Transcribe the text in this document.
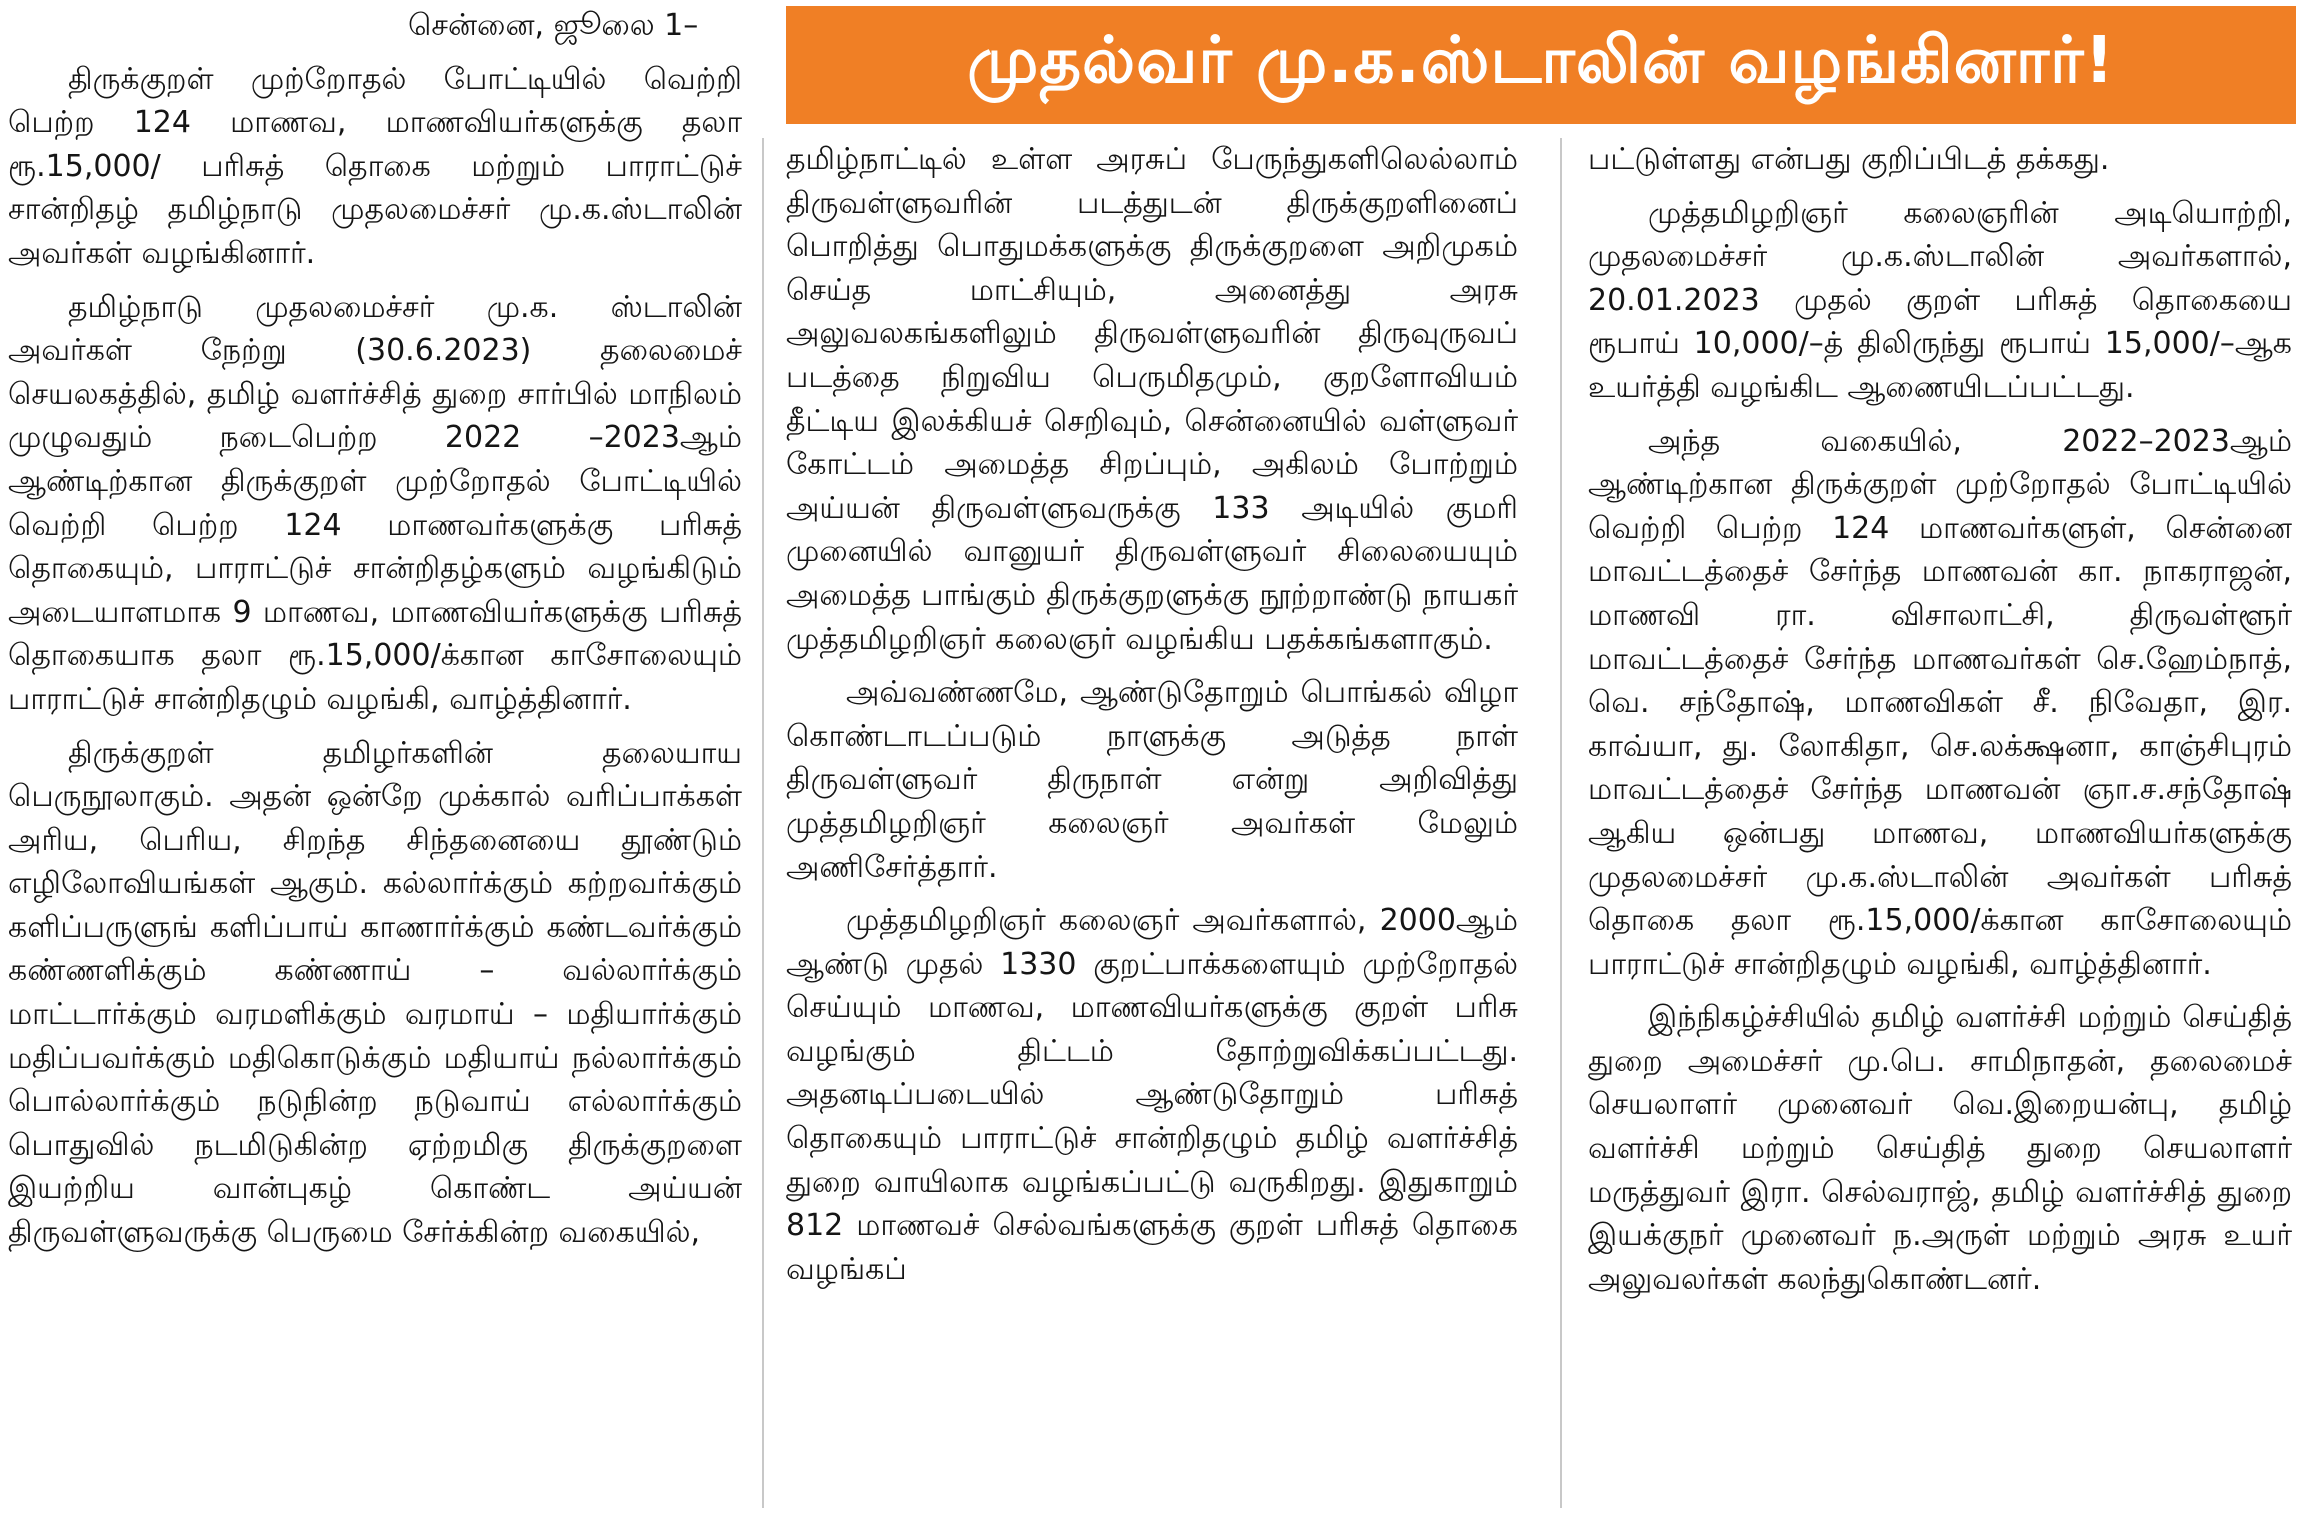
முதல்வர் மு.க.ஸ்டாலின் வழங்கினார்!

சென்னை, ஜூலை 1–

திருக்குறள் முற்றோதல் போட்டியில் வெற்றி பெற்ற 124 மாணவ, மாணவியர்களுக்கு தலா ரூ.15,000/ பரிசுத் தொகை மற்றும் பாராட்டுச் சான்றிதழ் தமிழ்நாடு முதலமைச்சர் மு.க.ஸ்டாலின் அவர்கள் வழங்கினார்.

தமிழ்நாடு முதலமைச்சர் மு.க. ஸ்டாலின் அவர்கள் நேற்று (30.6.2023) தலைமைச் செயலகத்தில், தமிழ் வளர்ச்சித் துறை சார்பில் மாநிலம் முழுவதும் நடைபெற்ற 2022 –2023ஆம் ஆண்டிற்கான திருக்குறள் முற்றோதல் போட்டியில் வெற்றி பெற்ற 124 மாணவர்களுக்கு பரிசுத் தொகையும், பாராட்டுச் சான்றிதழ்களும் வழங்கிடும் அடையாளமாக 9 மாணவ, மாணவியர்களுக்கு பரிசுத் தொகையாக தலா ரூ.15,000/க்கான காசோலையும் பாராட்டுச் சான்றிதழும் வழங்கி, வாழ்த்தினார்.

திருக்குறள் தமிழர்களின் தலையாய பெருநூலாகும். அதன் ஒன்றே முக்கால் வரிப்பாக்கள் அரிய, பெரிய, சிறந்த சிந்தனையை தூண்டும் எழிலோவியங்கள் ஆகும். கல்லார்க்கும் கற்றவர்க்கும் களிப்பருளுங் களிப்பாய் காணார்க்கும் கண்டவர்க்கும் கண்ணளிக்கும் கண்ணாய் – வல்லார்க்கும் மாட்டார்க்கும் வரமளிக்கும் வரமாய் – மதியார்க்கும் மதிப்பவர்க்கும் மதிகொடுக்கும் மதியாய் நல்லார்க்கும் பொல்லார்க்கும் நடுநின்ற நடுவாய் எல்லார்க்கும் பொதுவில் நடமிடுகின்ற ஏற்றமிகு திருக்குறளை இயற்றிய வான்புகழ் கொண்ட அய்யன் திருவள்ளுவருக்கு பெருமை சேர்க்கின்ற வகையில்,

தமிழ்நாட்டில் உள்ள அரசுப் பேருந்துகளிலெல்லாம் திருவள்ளுவரின் படத்துடன் திருக்குறளினைப் பொறித்து பொதுமக்களுக்கு திருக்குறளை அறிமுகம் செய்த மாட்சியும், அனைத்து அரசு அலுவலகங்களிலும் திருவள்ளுவரின் திருவுருவப் படத்தை நிறுவிய பெருமிதமும், குறளோவியம் தீட்டிய இலக்கியச் செறிவும், சென்னையில் வள்ளுவர் கோட்டம் அமைத்த சிறப்பும், அகிலம் போற்றும் அய்யன் திருவள்ளுவருக்கு 133 அடியில் குமரி முனையில் வானுயர் திருவள்ளுவர் சிலையையும் அமைத்த பாங்கும் திருக்குறளுக்கு நூற்றாண்டு நாயகர் முத்தமிழறிஞர் கலைஞர் வழங்கிய பதக்கங்களாகும்.

அவ்வண்ணமே, ஆண்டுதோறும் பொங்கல் விழா கொண்டாடப்படும் நாளுக்கு அடுத்த நாள் திருவள்ளுவர் திருநாள் என்று அறிவித்து முத்தமிழறிஞர் கலைஞர் அவர்கள் மேலும் அணிசேர்த்தார்.

முத்தமிழறிஞர் கலைஞர் அவர்களால், 2000ஆம் ஆண்டு முதல் 1330 குறட்பாக்களையும் முற்றோதல் செய்யும் மாணவ, மாணவியர்களுக்கு குறள் பரிசு வழங்கும் திட்டம் தோற்றுவிக்கப்பட்டது. அதனடிப்படையில் ஆண்டுதோறும் பரிசுத் தொகையும் பாராட்டுச் சான்றிதழும் தமிழ் வளர்ச்சித் துறை வாயிலாக வழங்கப்பட்டு வருகிறது. இதுகாறும் 812 மாணவச் செல்வங்களுக்கு குறள் பரிசுத் தொகை வழங்கப்

பட்டுள்ளது என்பது குறிப்பிடத் தக்கது.

முத்தமிழறிஞர் கலைஞரின் அடியொற்றி, முதலமைச்சர் மு.க.ஸ்டாலின் அவர்களால், 20.01.2023 முதல் குறள் பரிசுத் தொகையை ரூபாய் 10,000/–த் திலிருந்து ரூபாய் 15,000/–ஆக உயர்த்தி வழங்கிட ஆணையிடப்பட்டது.

அந்த வகையில், 2022–2023ஆம் ஆண்டிற்கான திருக்குறள் முற்றோதல் போட்டியில் வெற்றி பெற்ற 124 மாணவர்களுள், சென்னை மாவட்டத்தைச் சேர்ந்த மாணவன் கா. நாகராஜன், மாணவி ரா. விசாலாட்சி, திருவள்ளூர் மாவட்டத்தைச் சேர்ந்த மாணவர்கள் செ.ஹேம்நாத், வெ. சந்தோஷ், மாணவிகள் சீ. நிவேதா, இர. காவ்யா, து. லோகிதா, செ.லக்க்ஷனா, காஞ்சிபுரம் மாவட்டத்தைச் சேர்ந்த மாணவன் ஞா.ச.சந்தோஷ் ஆகிய ஒன்பது மாணவ, மாணவியர்களுக்கு முதலமைச்சர் மு.க.ஸ்டாலின் அவர்கள் பரிசுத் தொகை தலா ரூ.15,000/க்கான காசோலையும் பாராட்டுச் சான்றிதழும் வழங்கி, வாழ்த்தினார்.

இந்நிகழ்ச்சியில் தமிழ் வளர்ச்சி மற்றும் செய்தித் துறை அமைச்சர் மு.பெ. சாமிநாதன், தலைமைச் செயலாளர் முனைவர் வெ.இறையன்பு, தமிழ் வளர்ச்சி மற்றும் செய்தித் துறை செயலாளர் மருத்துவர் இரா. செல்வராஜ், தமிழ் வளர்ச்சித் துறை இயக்குநர் முனைவர் ந.அருள் மற்றும் அரசு உயர் அலுவலர்கள் கலந்துகொண்டனர்.
